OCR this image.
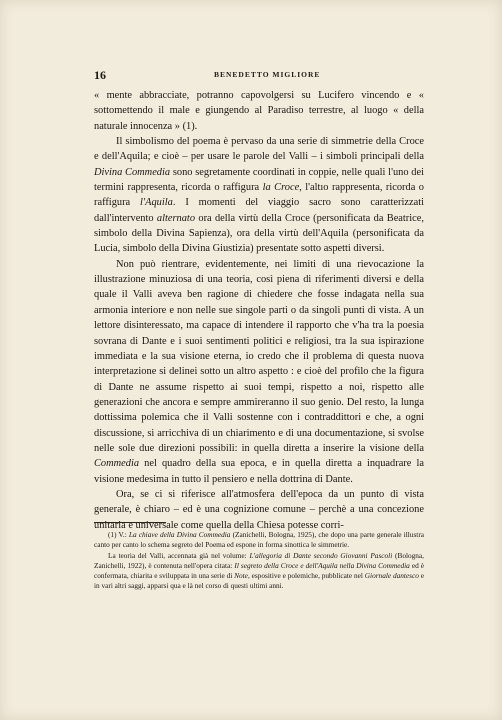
16	BENEDETTO MIGLIORE

« mente abbracciate, potranno capovolgersi su Lucifero vincendo e « sottomettendo il male e giungendo al Paradiso terrestre, al luogo « della naturale innocenza » (1).

Il simbolismo del poema è pervaso da una serie di simmetrie della Croce e dell'Aquila; e cioè – per usare le parole del Valli – i simboli principali della Divina Commedia sono segretamente coordinati in coppie, nelle quali l'uno dei termini rappresenta, ricorda o raffigura la Croce, l'altıo rappresenta, ricorda o raffigura l'Aquila. I momenti del viaggio sacro sono caratterizzati dall'intervento alternato ora della virtù della Croce (personificata da Beatrice, simbolo della Divina Sapienza), ora della virtù dell'Aquila (personificata da Lucia, simbolo della Divina Giustizia) presentate sotto aspetti diversi.

Non può rientrare, evidentemente, nei limiti di una rievocazione la illustrazione minuziosa di una teoria, così piena di riferimenti diversi e della quale il Valli aveva ben ragione di chiedere che fosse indagata nella sua armonia interiore e non nelle sue singole parti o da singoli punti di vista. A un lettore disinteressato, ma capace di intendere il rapporto che v'ha tra la poesia sovrana di Dante e i suoi sentimenti politici e religiosi, tra la sua ispirazione immediata e la sua visione eterna, io credo che il problema di questa nuova interpretazione si delinei sotto un altro aspetto : e cioè del profilo che la figura di Dante ne assume rispetto ai suoi tempi, rispetto a noi, rispetto alle generazioni che ancora e sempre ammireranno il suo genio. Del resto, la lunga dottissima polemica che il Valli sostenne con i contraddittori e che, a ogni discussione, si arricchiva di un chiarimento e di una documentazione, si svolse nelle sole due direzioni possibili: in quella diretta a inserire la visione della Commedia nel quadro della sua epoca, e in quella diretta a inquadrare la visione medesima in tutto il pensiero e nella dottrina di Dante.

Ora, se ci si riferisce all'atmosfera dell'epoca da un punto di vista generale, è chiaro – ed è una cognizione comune – perchè a una concezione unitaria e universale come quella della Chiesa potesse corri-

(1) V.: La chiave della Divina Commedia (Zanichelli, Bologna, 1925), che dopo una parte generale illustra canto per canto lo schema segreto del Poema ed espone in forma sinottica le simmetrie.

La teoria del Valli, accennata già nel volume: L'allegoria di Dante secondo Giovanni Pascoli (Bologna, Zanichelli, 1922), è contenuta nell'opera citata: Il segreto della Croce e dell'Aquila nella Divina Commedia ed è confermata, chiarita e sviluppata in una serie di Note, espositive e polemiche, pubblicate nel Giornale dantesco e in vari altri saggi, apparsi qua e là nel corso di questi ultimi anni.
